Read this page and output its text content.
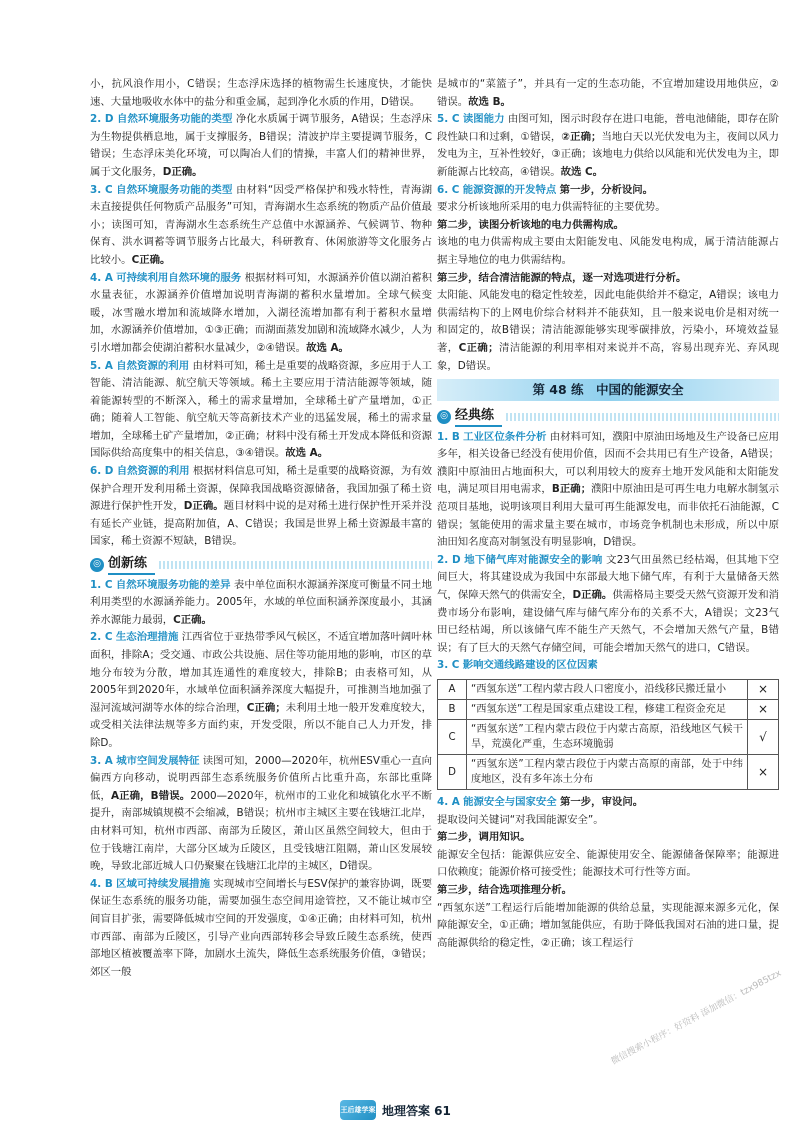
小，抗风浪作用小，C错误；生态浮床选择的植物需生长速度快，才能快速、大量地吸收水体中的盐分和重金属，起到净化水质的作用，D错误。

2. D 自然环境服务功能的类型 净化水质属于调节服务，A错误；生态浮床为生物提供栖息地，属于支撑服务，B错误；清波护岸主要提调节服务，C错误；生态浮床美化环境，可以陶冶人们的情操，丰富人们的精神世界，属于文化服务，D正确。

3. C 自然环境服务功能的类型 由材料“因受严格保护和残水特性，青海湖未直接提供任何物质产品服务”可知，青海湖水生态系统的物质产品价值最小；读图可知，青海湖水生态系统生产总值中水源涵养、气候调节、物种保育、洪水调蓄等调节服务占比最大，科研教育、休闲旅游等文化服务占比较小。C正确。

4. A 可持续利用自然环境的服务 根据材料可知，水源涵养价值以湖泊蓄积水量表征，水源涵养价值增加说明青海湖的蓄积水量增加。全球气候变暖，冰雪融水增加和流域降水增加，入湖径流增加都有利于蓄积水量增加，水源涵养价值增加，①③正确；而湖面蒸发加剧和流域降水减少，人为引水增加都会使湖泊蓄积水量减少，②④错误。故选 A。

5. A 自然资源的利用 由材料可知，稀土是重要的战略资源，多应用于人工智能、清洁能源、航空航天等领域。稀土主要应用于清洁能源等领域，随着能源转型的不断深入，稀土的需求量增加，全球稀土矿产量增加，①正确；随着人工智能、航空航天等高新技术产业的迅猛发展，稀土的需求量增加，全球稀土矿产量增加，②正确；材料中没有稀土开发成本降低和资源国际供给高度集中的相关信息，③④错误。故选 A。

6. D 自然资源的利用 根据材料信息可知，稀土是重要的战略资源，为有效保护合理开发利用稀土资源，保障我国战略资源储备，我国加强了稀土资源进行保护性开发，D正确。题目材料中说的是对稀土进行保护性开采并没有延长产业链，提高附加值，A、C错误；我国是世界上稀土资源最丰富的国家，稀土资源不短缺，B错误。

◎ 创新练

1. C 自然环境服务功能的差异 表中单位面积水源涵养深度可衡量不同土地利用类型的水源涵养能力。2005年，水域的单位面积涵养深度最小，其涵养水源能力最弱，C正确。

2. C 生态治理措施 江西省位于亚热带季风气候区，不适宜增加落叶阔叶林面积，排除A；受交通、市政公共设施、居住等功能用地的影响，市区的草地分布较为分散，增加其连通性的难度较大，排除B；由表格可知，从2005年到2020年，水域单位面积涵养深度大幅提升，可推测当地加强了湿河流域河湖等水体的综合治理，C正确；未利用土地一般开发难度较大，或受相关法律法规等多方面约束，开发受限，所以不能自己人力开发，排除D。

3. A 城市空间发展特征 读图可知，2000—2020年，杭州ESV重心一直向偏西方向移动，说明西部生态系统服务价值所占比重升高，东部比重降低，A正确，B错误。2000—2020年，杭州市的工业化和城镇化水平不断提升，南部城镇规模不会缩减，B错误；杭州市主城区主要在钱塘江北岸，由材料可知，杭州市西部、南部为丘陵区，萧山区虽然空间较大，但由于位于钱塘江南岸，大部分区域为丘陵区，且受钱塘江阻隔，萧山区发展较晚，导致北部近城人口仍聚聚在钱塘江北岸的主城区，D错误。

4. B 区域可持续发展措施 实现城市空间增长与ESV保护的兼容协调，既要保证生态系统的服务功能，需要加强生态空间用途管控，又不能让城市空间盲目扩张，需要降低城市空间的开发强度，①④正确；由材料可知，杭州市西部、南部为丘陵区，引导产业向西部转移会导致丘陵生态系统，使西部地区植被覆盖率下降，加剧水土流失，降低生态系统服务价值，③错误；郊区一般

是城市的“菜篮子”，并具有一定的生态功能，不宜增加建设用地供应，②错误。故选 B。

5. C 读图能力 由图可知，图示时段存在进口电能，普电池储能，即存在阶段性缺口和过剩，①错误，②正确；当地白天以光伏发电为主，夜间以风力发电为主，互补性较好，③正确；该地电力供给以风能和光伏发电为主，即新能源占比较高，④错误。故选 C。

6. C 能源资源的开发特点 第一步，分析设问。

要求分析该地所采用的电力供需特征的主要优势。

第二步，读图分析该地的电力供需构成。

该地的电力供需构成主要由太阳能发电、风能发电构成，属于清洁能源占据主导地位的电力供需结构。

第三步，结合清洁能源的特点，逐一对选项进行分析。

太阳能、风能发电的稳定性较差，因此电能供给并不稳定，A错误；该电力供需结构下的上网电价综合材料并不能获知，且一般来说电价是相对统一和固定的，故B错误；清洁能源能够实现零碳排放，污染小，环境效益显著，C正确；清洁能源的利用率相对来说并不高，容易出现弃光、弃风现象，D错误。

第 48 练　中国的能源安全
◎ 经典练

1. B 工业区位条件分析 由材料可知，濮阳中原油田场地及生产设备已应用多年，相关设备已经没有使用价值，因而不会共用已有生产设备，A错误；濮阳中原油田占地面积大，可以利用较大的废弃土地开发风能和太阳能发电，满足项目用电需求，B正确；濮阳中原油田是可再生电力电解水制氢示范项目基地，说明该项目利用大量可再生能源发电，而非依托石油能源，C错误；氢能使用的需求量主要在城市，市场竞争机制也未形成，所以中原油田知名度高对制氢没有明显影响，D错误。

2. D 地下储气库对能源安全的影响 文23气田虽然已经枯竭，但其地下空间巨大，将其建设成为我国中东部最大地下储气库，有利于大量储备天然气，保障天然气的供需安全，D正确。供需格局主要受天然气资源开发和消费市场分布影响，建设储气库与储气库分布的关系不大，A错误；文23气田已经枯竭，所以该储气库不能生产天然气，不会增加天然气产量，B错误；有了巨大的天然气存储空间，可能会增加天然气的进口，C错误。

3. C 影响交通线路建设的区位因素

A	“西氢东送”工程内蒙古段人口密度小，沿线移民搬迁量小	×
B	“西氢东送”工程是国家重点建设工程，修建工程资金充足	×
C	“西氢东送”工程内蒙古段位于内蒙古高原，沿线地区气候干旱，荒漠化严重，生态环境脆弱	√
D	“西氢东送”工程内蒙古段位于内蒙古高原的南部，处于中纬度地区，没有多年冻土分布	×

4. A 能源安全与国家安全 第一步，审设问。

提取设问关键词“对我国能源安全”。

第二步，调用知识。

能源安全包括：能源供应安全、能源使用安全、能源储备保障率；能源进口依赖度；能源价格可接受性；能源技术可行性等方面。

第三步，结合选项推理分析。

“西氢东送”工程运行后能增加能源的供给总量，实现能源来源多元化，保障能源安全，①正确；增加氢能供应，有助于降低我国对石油的进口量，提高能源供给的稳定性，②正确；该工程运行

微信搜索小程序：好资料 添加微信：tzx985tzx
王后雄学案 地理答案 61
